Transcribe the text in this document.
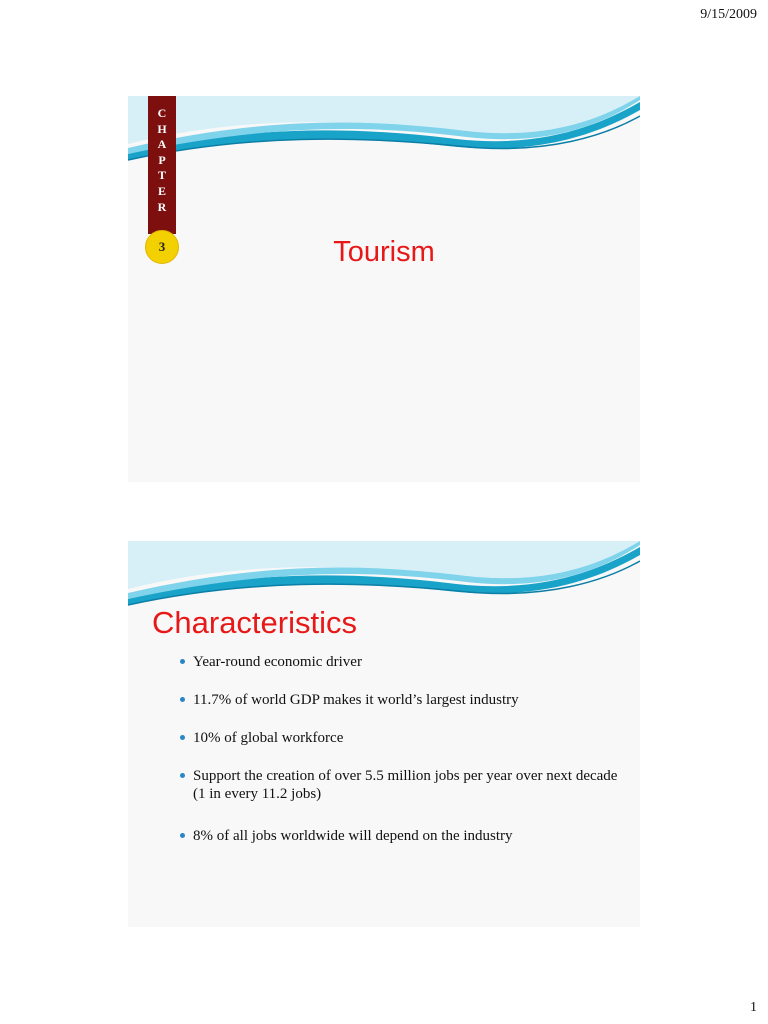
9/15/2009
C
H
A
P
T
E
R
3	Tourism
Characteristics
Year-round economic driver
11.7% of world GDP makes it world’s largest industry
10% of global workforce
Support the creation of over 5.5 million jobs per year over next decade (1 in every 11.2 jobs)
8% of all jobs worldwide will depend on the industry
1
